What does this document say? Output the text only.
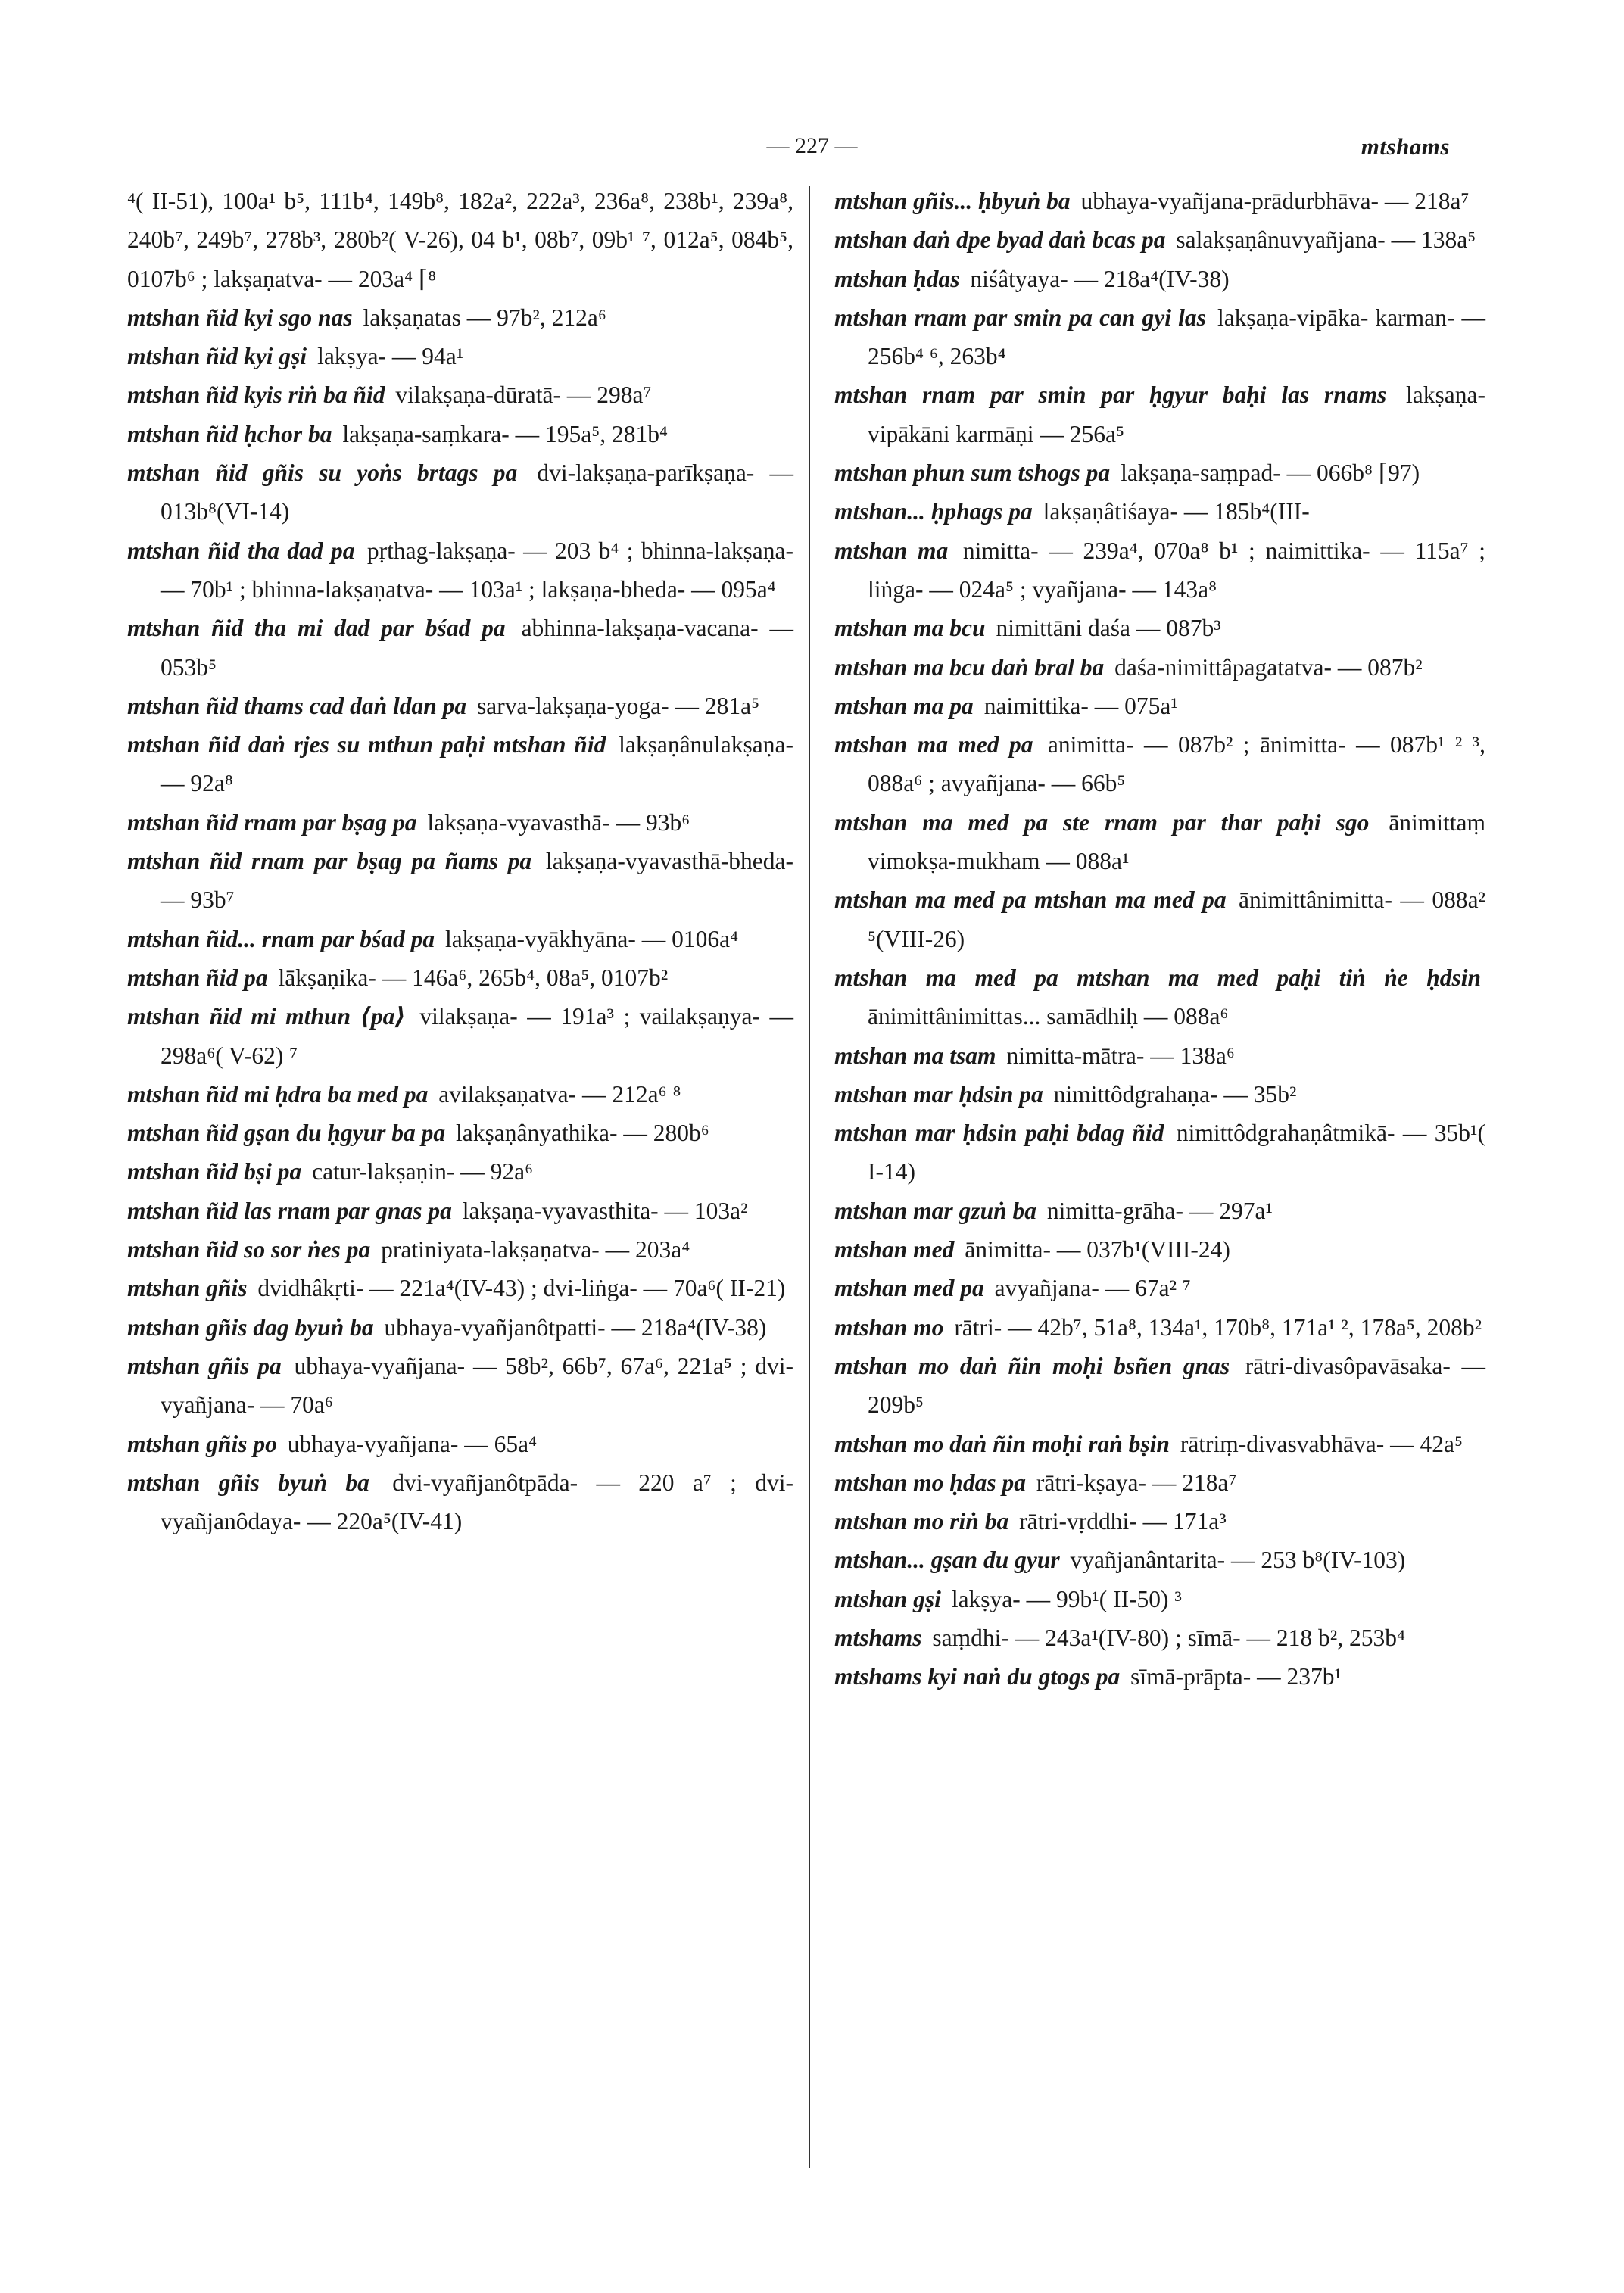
— 227 —	mtshams

⁴( II-51), 100a¹ b⁵, 111b⁴, 149b⁸, 182a², 222a³, 236a⁸, 238b¹, 239a⁸, 240b⁷, 249b⁷, 278b³, 280b²( V-26), 04 b¹, 08b⁷, 09b¹ ⁷, 012a⁵, 084b⁵, 0107b⁶ ; lakṣaṇatva- — 203a⁴ ⌈⁸

mtshan ñid kyi sgo nas lakṣaṇatas — 97b², 212a⁶

mtshan ñid kyi gṣi lakṣya- — 94a¹

mtshan ñid kyis riṅ ba ñid vilakṣaṇa-dūratā- — 298a⁷

mtshan ñid ḥchor ba lakṣaṇa-saṃkara- — 195a⁵, 281b⁴

mtshan ñid gñis su yoṅs brtags pa dvi-lakṣaṇa-parīkṣaṇa- — 013b⁸(VI-14)

mtshan ñid tha dad pa pṛthag-lakṣaṇa- — 203 b⁴ ; bhinna-lakṣaṇa- — 70b¹ ; bhinna-lakṣaṇatva- — 103a¹ ; lakṣaṇa-bheda- — 095a⁴

mtshan ñid tha mi dad par bśad pa abhinna-lakṣaṇa-vacana- — 053b⁵

mtshan ñid thams cad daṅ ldan pa sarva-lakṣaṇa-yoga- — 281a⁵

mtshan ñid daṅ rjes su mthun paḥi mtshan ñid lakṣaṇânulakṣaṇa- — 92a⁸

mtshan ñid rnam par bṣag pa lakṣaṇa-vyavasthā- — 93b⁶

mtshan ñid rnam par bṣag pa ñams pa lakṣaṇa-vyavasthā-bheda- — 93b⁷

mtshan ñid... rnam par bśad pa lakṣaṇa-vyākhyāna- — 0106a⁴

mtshan ñid pa lākṣaṇika- — 146a⁶, 265b⁴, 08a⁵, 0107b²

mtshan ñid mi mthun ⟨pa⟩ vilakṣaṇa- — 191a³ ; vailakṣaṇya- — 298a⁶( V-62) ⁷

mtshan ñid mi ḥdra ba med pa avilakṣaṇatva- — 212a⁶ ⁸

mtshan ñid gṣan du ḥgyur ba pa lakṣaṇânyathika- — 280b⁶

mtshan ñid bṣi pa catur-lakṣaṇin- — 92a⁶

mtshan ñid las rnam par gnas pa lakṣaṇa-vyavasthita- — 103a²

mtshan ñid so sor ṅes pa pratiniyata-lakṣaṇatva- — 203a⁴

mtshan gñis dvidhâkṛti- — 221a⁴(IV-43) ; dvi-liṅga- — 70a⁶( II-21)

mtshan gñis dag byuṅ ba ubhaya-vyañjanôtpatti- — 218a⁴(IV-38)

mtshan gñis pa ubhaya-vyañjana- — 58b², 66b⁷, 67a⁶, 221a⁵ ; dvi-vyañjana- — 70a⁶

mtshan gñis po ubhaya-vyañjana- — 65a⁴

mtshan gñis byuṅ ba dvi-vyañjanôtpāda- — 220 a⁷ ; dvi-vyañjanôdaya- — 220a⁵(IV-41)

mtshan gñis... ḥbyuṅ ba ubhaya-vyañjana-prādurbhāva- — 218a⁷

mtshan daṅ dpe byad daṅ bcas pa salakṣaṇânuvyañjana- — 138a⁵

mtshan ḥdas niśâtyaya- — 218a⁴(IV-38)

mtshan rnam par smin pa can gyi las lakṣaṇa-vipāka- karman- — 256b⁴ ⁶, 263b⁴

mtshan rnam par smin par ḥgyur baḥi las rnams lakṣaṇa-vipākāni karmāṇi — 256a⁵

mtshan phun sum tshogs pa lakṣaṇa-saṃpad- — 066b⁸ ⌈97)

mtshan... ḥphags pa lakṣaṇâtiśaya- — 185b⁴(III-

mtshan ma nimitta- — 239a⁴, 070a⁸ b¹ ; naimittika- — 115a⁷ ; liṅga- — 024a⁵ ; vyañjana- — 143a⁸

mtshan ma bcu nimittāni daśa — 087b³

mtshan ma bcu daṅ bral ba daśa-nimittâpagatatva- — 087b²

mtshan ma pa naimittika- — 075a¹

mtshan ma med pa animitta- — 087b² ; ānimitta- — 087b¹ ² ³, 088a⁶ ; avyañjana- — 66b⁵

mtshan ma med pa ste rnam par thar paḥi sgo ānimittaṃ vimokṣa-mukham — 088a¹

mtshan ma med pa mtshan ma med pa ānimittânimitta- — 088a² ⁵(VIII-26)

mtshan ma med pa mtshan ma med paḥi tiṅ ṅe ḥdsin ānimittânimittas... samādhiḥ — 088a⁶

mtshan ma tsam nimitta-mātra- — 138a⁶

mtshan mar ḥdsin pa nimittôdgrahaṇa- — 35b²

mtshan mar ḥdsin paḥi bdag ñid nimittôdgrahaṇâtmikā- — 35b¹( I-14)

mtshan mar gzuṅ ba nimitta-grāha- — 297a¹

mtshan med ānimitta- — 037b¹(VIII-24)

mtshan med pa avyañjana- — 67a² ⁷

mtshan mo rātri- — 42b⁷, 51a⁸, 134a¹, 170b⁸, 171a¹ ², 178a⁵, 208b²

mtshan mo daṅ ñin moḥi bsñen gnas rātri-divasôpavāsaka- — 209b⁵

mtshan mo daṅ ñin moḥi raṅ bṣin rātriṃ-divasvabhāva- — 42a⁵

mtshan mo ḥdas pa rātri-kṣaya- — 218a⁷

mtshan mo riṅ ba rātri-vṛddhi- — 171a³

mtshan... gṣan du gyur vyañjanântarita- — 253 b⁸(IV-103)

mtshan gṣi lakṣya- — 99b¹( II-50) ³

mtshams saṃdhi- — 243a¹(IV-80) ; sīmā- — 218 b², 253b⁴

mtshams kyi naṅ du gtogs pa sīmā-prāpta- — 237b¹
